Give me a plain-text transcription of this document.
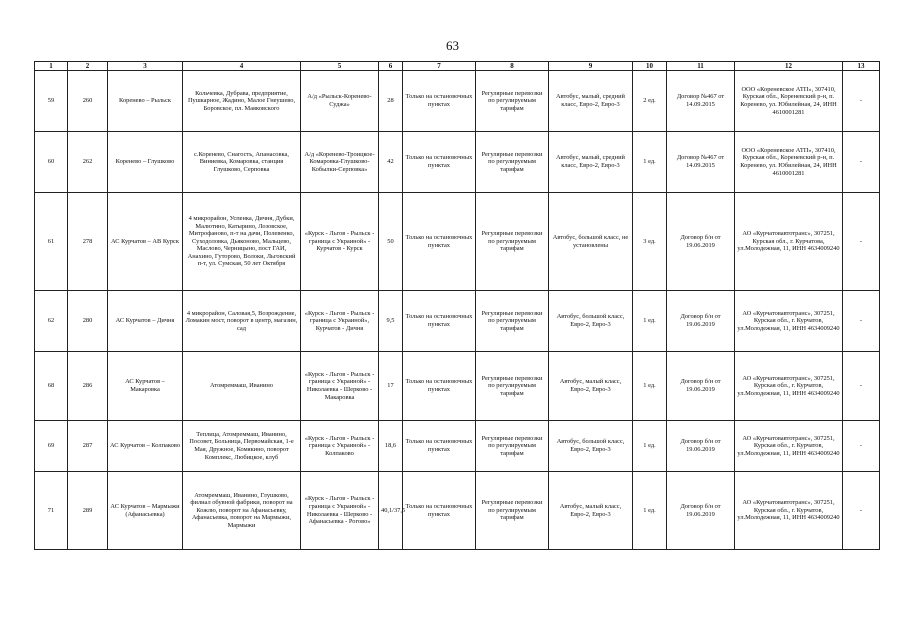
63
1	2	3	4	5	6	7	8	9	10	11	12	13
59	260	Коренево – Рыльск	Кольчевка, Дубрава, предприятие, Пушкарное, Жадино, Малое Гнеушево, Боровское, пл. Маяковского	А/д «Рыльск-Коренево-Суджа»	28	Только на остановочных пунктах	Регулярные перевозки по регулируемым тарифам	Автобус, малый, средний класс, Евро-2, Евро-3	2 ед.	Договор №467 от 14.09.2015	ООО «Кореневское АТП», 307410, Курская обл., Кореневский р-н, п. Коренево, ул. Юбилейная, 24, ИНН 4610001281	-
60	262	Коренево – Глушково	с.Коренево, Снагость, Апанасовка, Виниевка, Комаровка, станция Глушково, Серповка	А/д «Коренево-Троицкое-Комаровка-Глушково-Кобылки-Серповка»	42	Только на остановочных пунктах	Регулярные перевозки по регулируемым тарифам	Автобус, малый, средний класс, Евро-2, Евро-3	1 ед.	Договор №467 от 14.09.2015	ООО «Кореневское АТП», 307410, Курская обл., Кореневский р-н, п. Коренево, ул. Юбилейная, 24, ИНН 4610001281	-
61	278	АС Курчатов – АВ Курск	4 микрорайон, Успенка, Дичня, Дубки, Малютино, Катырино, Лозовское, Митрофаново, п-т на дачи, Полевенко, Суходоловка, Дьяконово, Мальцево, Маслово, Черницыно, пост ГАИ, Анахино, Гуторово, Волоки, Льговский п-т, ул. Сумская, 50 лет Октября	«Курск - Льгов - Рыльск - граница с Украиной» - Курчатов - Курск	50	Только на остановочных пунктах	Регулярные перевозки по регулируемым тарифам	Автобус, большой класс, не установлены	3 ед.	Договор б/н от 19.06.2019	АО «Курчатовавтотранс», 307251, Курская обл., г. Курчатова, ул.Молодежная, 11, ИНН 4634009240	-
62	280	АС Курчатов – Дичня	4 микрорайон, Саловая,5, Возрождение, Ломакин мост, поворот в центр, магазин, сад	«Курск - Льгов - Рыльск - граница с Украиной», Курчатов - Дичня	9,5	Только на остановочных пунктах	Регулярные перевозки по регулируемым тарифам	Автобус, большой класс, Евро-2, Евро-3	1 ед.	Договор б/н от 19.06.2019	АО «Курчатовавтотранс», 307251, Курская обл., г. Курчатов, ул.Молодежная, 11, ИНН 4634009240	-
68	286	АС Курчатов – Макаровка	Атомреммаш, Иванино	«Курск - Льгов - Рыльск - граница с Украиной» - Николаевка - Шерково - Макаровка	17	Только на остановочных пунктах	Регулярные перевозки по регулируемым тарифам	Автобус, малый класс, Евро-2, Евро-3	1 ед.	Договор б/н от 19.06.2019	АО «Курчатовавтотранс», 307251, Курская обл., г. Курчатов, ул.Молодежная, 11, ИНН 4634009240	-
69	287	АС Курчатов – Колпаково	Теплица, Атомреммаш, Иванино, Посовет, Больница, Первомайская, 1-е Мая, Дружное, Комякино, поворот Комплекс, Любицкое, клуб	«Курск - Льгов - Рыльск - граница с Украиной» - Колпаково	18,6	Только на остановочных пунктах	Регулярные перевозки по регулируемым тарифам	Автобус, большой класс, Евро-2, Евро-3	1 ед.	Договор б/н от 19.06.2019	АО «Курчатовавтотранс», 307251, Курская обл., г. Курчатов, ул.Молодежная, 11, ИНН 4634009240	-
71	289	АС Курчатов – Мармыжи (Афанасьевка)	Атомреммаш, Иванино, Глушково, филиал обувной фабрики, поворот на Кожлю, поворот на Афанасьевку, Афанасьевка, поворот на Мармыжи, Мармыжи	«Курск - Льгов - Рыльск - граница с Украиной» - Николаевка - Шерково - Афанасьевка - Рогово»	40,1/37,5	Только на остановочных пунктах	Регулярные перевозки по регулируемым тарифам	Автобус, малый класс, Евро-2, Евро-3	1 ед.	Договор б/н от 19.06.2019	АО «Курчатовавтотранс», 307251, Курская обл., г. Курчатов, ул.Молодежная, 11, ИНН 4634009240	-
